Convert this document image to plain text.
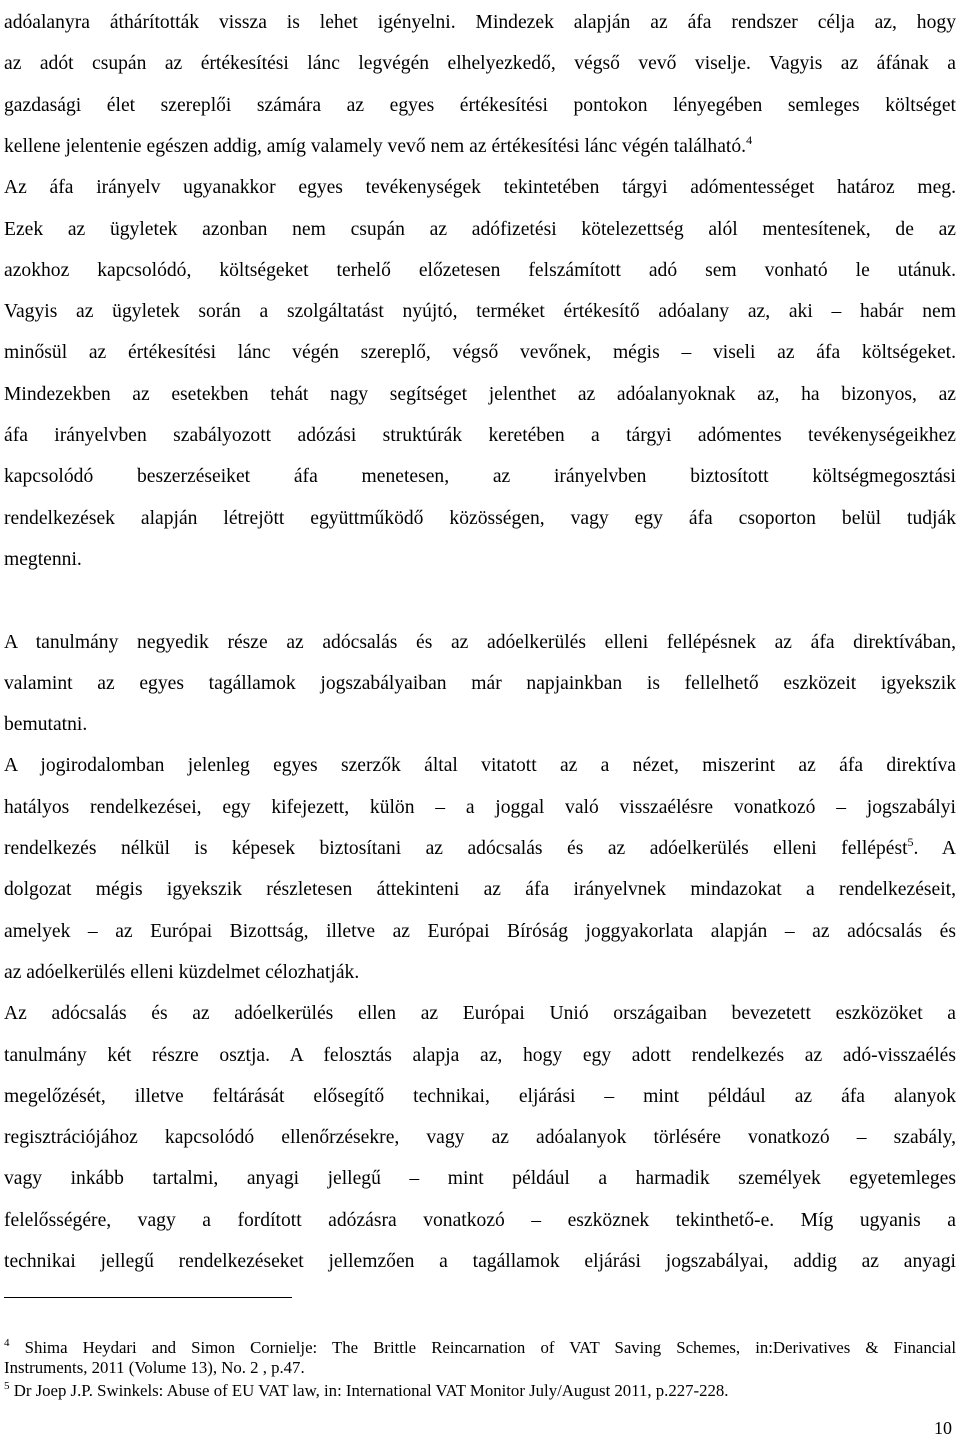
adóalanyra áthárították vissza is lehet igényelni. Mindezek alapján az áfa rendszer célja az, hogy
az adót csupán az értékesítési lánc legvégén elhelyezkedő, végső vevő viselje. Vagyis az áfának a
gazdasági élet szereplői számára az egyes értékesítési pontokon lényegében semleges költséget
kellene jelentenie egészen addig, amíg valamely vevő nem az értékesítési lánc végén található.$^4$
Az áfa irányelv ugyanakkor egyes tevékenységek tekintetében tárgyi adómentességet határoz meg.
Ezek az ügyletek azonban nem csupán az adófizetési kötelezettség alól mentesítenek, de az
azokhoz kapcsolódó, költségeket terhelő előzetesen felszámított adó sem vonható le utánuk.
Vagyis az ügyletek során a szolgáltatást nyújtó, terméket értékesítő adóalany az, aki – habár nem
minősül az értékesítési lánc végén szereplő, végső vevőnek, mégis – viseli az áfa költségeket.
Mindezekben az esetekben tehát nagy segítséget jelenthet az adóalanyoknak az, ha bizonyos, az
áfa irányelvben szabályozott adózási struktúrák keretében a tárgyi adómentes tevékenységeikhez
kapcsolódó beszerzéseiket áfa menetesen, az irányelvben biztosított költségmegosztási
rendelkezések alapján létrejött együttműködő közösségen, vagy egy áfa csoporton belül tudják
megtenni.
A tanulmány negyedik része az adócsalás és az adóelkerülés elleni fellépésnek az áfa direktívában,
valamint az egyes tagállamok jogszabályaiban már napjainkban is fellelhető eszközeit igyekszik
bemutatni.
A jogirodalomban jelenleg egyes szerzők által vitatott az a nézet, miszerint az áfa direktíva
hatályos rendelkezései, egy kifejezett, külön – a joggal való visszaélésre vonatkozó – jogszabályi
rendelkezés nélkül is képesek biztosítani az adócsalás és az adóelkerülés elleni fellépést$^5$. A
dolgozat mégis igyekszik részletesen áttekinteni az áfa irányelvnek mindazokat a rendelkezéseit,
amelyek – az Európai Bizottság, illetve az Európai Bíróság joggyakorlata alapján – az adócsalás és
az adóelkerülés elleni küzdelmet célozhatják.
Az adócsalás és az adóelkerülés ellen az Európai Unió országaiban bevezetett eszközöket a
tanulmány két részre osztja. A felosztás alapja az, hogy egy adott rendelkezés az adó-visszaélés
megelőzését, illetve feltárását elősegítő technikai, eljárási – mint például az áfa alanyok
regisztrációjához kapcsolódó ellenőrzésekre, vagy az adóalanyok törlésére vonatkozó – szabály,
vagy inkább tartalmi, anyagi jellegű – mint például a harmadik személyek egyetemleges
felelősségére, vagy a fordított adózásra vonatkozó – eszköznek tekinthető-e. Míg ugyanis a
technikai jellegű rendelkezéseket jellemzően a tagállamok eljárási jogszabályai, addig az anyagi
$^4$ Shima Heydari and Simon Cornielje: The Brittle Reincarnation of VAT Saving Schemes, in:Derivatives & Financial
Instruments, 2011 (Volume 13), No. 2 , p.47.
$^5$ Dr Joep J.P. Swinkels: Abuse of EU VAT law, in: International VAT Monitor July/August 2011, p.227-228.
10
